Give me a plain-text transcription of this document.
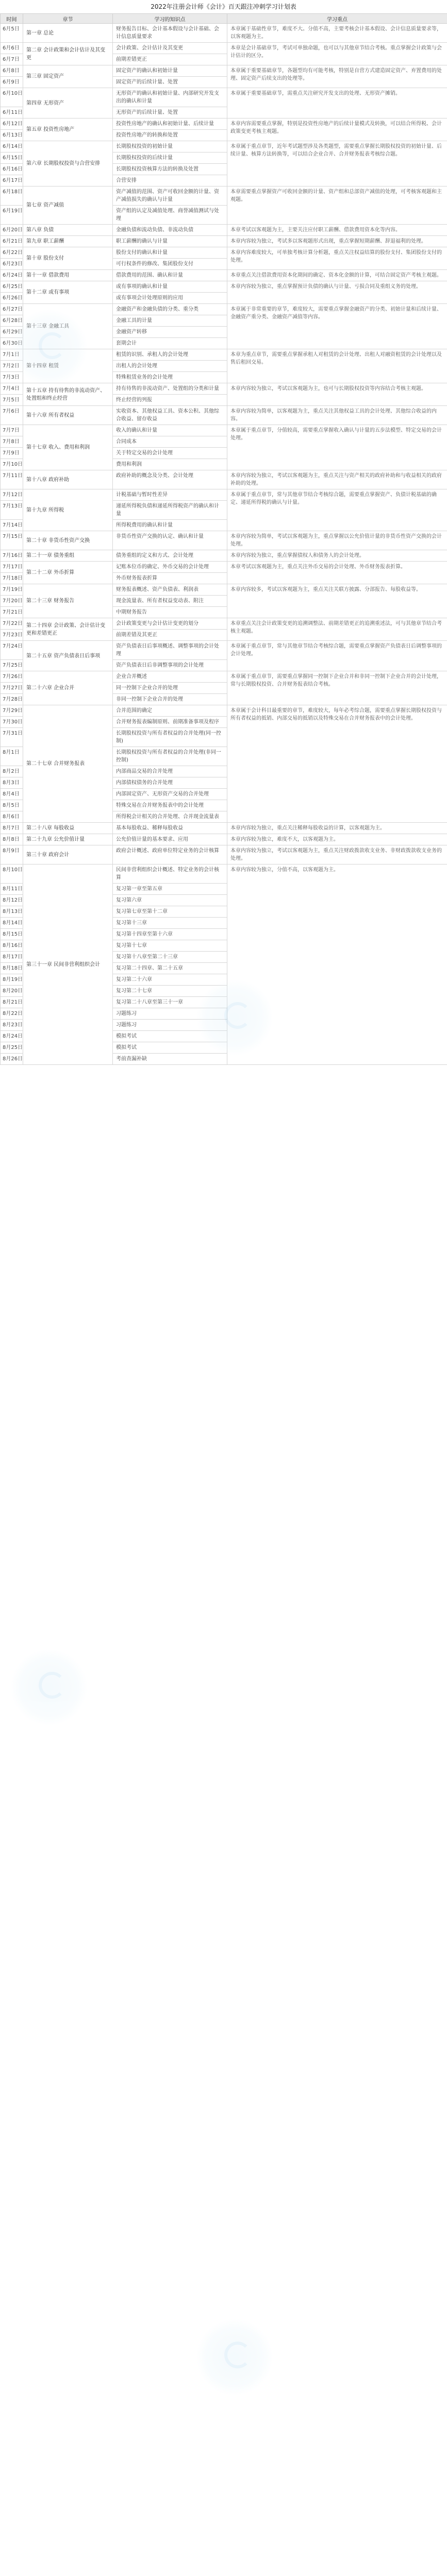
2022年注册会计师《会计》百天跟注冲刺学习计划表
时间	章节	学习的知识点	学习重点
6月5日	第一章 总论	财务报告目标、会计基本假设与会计基础、会计信息质量要求	本章属于基础性章节，难度不大。分值不高，主要考核会计基本假设、会计信息质量要求等，以客观题为主。
6月6日	第二章 会计政策和会计估计及其变更	会计政策、会计估计及其变更	本章是会计基础章节，考试可单独命题，也可以与其他章节结合考核。重点掌握会计政策与会计估计的区分。
6月7日		前期差错更正	
6月8日	第三章 固定资产	固定资产的确认和初始计量	本章属于重要基础章节，各题型均有可能考核，特别是自营方式建造固定资产、弃置费用的处理、固定资产后续支出的处理等。
6月9日		固定资产的后续计量、处置	
6月10日	第四章 无形资产	无形资产的确认和初始计量、内部研究开发支出的确认和计量	本章属于重要基础章节，需重点关注研究开发支出的处理、无形资产摊销。
6月11日		无形资产的后续计量、处置	
6月12日	第五章 投资性房地产	投资性房地产的确认和初始计量、后续计量	本章内容需要重点掌握，特别是投资性房地产的后续计量模式及转换，可以结合所得税、会计政策变更考核主观题。
6月13日		投资性房地产的转换和处置	
6月14日	第六章 长期股权投资与合营安排	长期股权投资的初始计量	本章属于重点章节，近年考试题型涉及各类题型，需要重点掌握长期股权投资的初始计量、后续计量、核算方法转换等，可以结合企业合并、合并财务报表考核综合题。
6月15日		长期股权投资的后续计量	
6月16日		长期股权投资核算方法的转换及处置	
6月17日		合营安排	
6月18日	第七章 资产减值	资产减值的范围、资产可收回金额的计量、资产减值损失的确认与计量	本章需要重点掌握资产可收回金额的计量、资产组和总部资产减值的处理，可考核客观题和主观题。
6月19日		资产组的认定及减值处理、商誉减值测试与处理	
6月20日	第八章 负债	金融负债和流动负债、非流动负债	本章考试以客观题为主，主要关注应付职工薪酬、借款费用资本化等内容。
6月21日	第九章 职工薪酬	职工薪酬的确认与计量	本章内容较为独立，考试多以客观题形式出现，重点掌握短期薪酬、辞退福利的处理。
6月22日	第十章 股份支付	股份支付的确认和计量	本章内容难度较大，可单独考核计算分析题，重点关注权益结算的股份支付、集团股份支付的处理。
6月23日		可行权条件的修改、集团股份支付	
6月24日	第十一章 借款费用	借款费用的范围、确认和计量	本章重点关注借款费用资本化期间的确定、资本化金额的计算，可结合固定资产考核主观题。
6月25日	第十二章 或有事项	或有事项的确认和计量	本章内容较为独立，重点掌握预计负债的确认与计量、亏损合同及重组义务的处理。
6月26日		或有事项会计处理原则的应用	
6月27日	第十三章 金融工具	金融资产和金融负债的分类、重分类	本章属于非常重要的章节，难度较大，需要重点掌握金融资产的分类、初始计量和后续计量、金融资产重分类、金融资产减值等内容。
6月28日		金融工具的计量	
6月29日		金融资产转移	
6月30日		套期会计	
7月1日	第十四章 租赁	租赁的识别、承租人的会计处理	本章为重点章节，需要重点掌握承租人对租赁的会计处理、出租人对融资租赁的会计处理以及售后租回交易。
7月2日		出租人的会计处理	
7月3日		特殊租赁业务的会计处理	
7月4日	第十五章 持有待售的非流动资产、处置组和终止经营	持有待售的非流动资产、处置组的分类和计量	本章内容较为独立，考试以客观题为主，也可与长期股权投资等内容结合考核主观题。
7月5日		终止经营的列报	
7月6日	第十六章 所有者权益	实收资本、其他权益工具、资本公积、其他综合收益、留存收益	本章内容较为简单，以客观题为主，重点关注其他权益工具的会计处理、其他综合收益的内容。
7月7日	第十七章 收入、费用和利润	收入的确认和计量	本章属于重点章节，分值较高，需要重点掌握收入确认与计量的五步法模型、特定交易的会计处理。
7月8日		合同成本	
7月9日		关于特定交易的会计处理	
7月10日		费用和利润	
7月11日	第十八章 政府补助	政府补助的概念及分类、会计处理	本章内容较为独立，考试以客观题为主，重点关注与资产相关的政府补助和与收益相关的政府补助的处理。
7月12日	第十九章 所得税	计税基础与暂时性差异	本章属于重点章节，常与其他章节结合考核综合题，需要重点掌握资产、负债计税基础的确定、递延所得税的确认与计量。
7月13日		递延所得税负债和递延所得税资产的确认和计量	
7月14日		所得税费用的确认和计量	
7月15日	第二十章 非货币性资产交换	非货币性资产交换的认定、确认和计量	本章内容较为简单，考试以客观题为主，重点掌握以公允价值计量的非货币性资产交换的会计处理。
7月16日	第二十一章 债务重组	债务重组的定义和方式、会计处理	本章内容较为独立，重点掌握债权人和债务人的会计处理。
7月17日	第二十二章 外币折算	记账本位币的确定、外币交易的会计处理	本章考试以客观题为主，重点关注外币交易的会计处理、外币财务报表折算。
7月18日		外币财务报表折算	
7月19日	第二十三章 财务报告	财务报表概述、资产负债表、利润表	本章内容较多，考试以客观题为主，重点关注关联方披露、分部报告、每股收益等。
7月20日		现金流量表、所有者权益变动表、附注	
7月21日		中期财务报告	
7月22日	第二十四章 会计政策、会计估计变更和差错更正	会计政策变更与会计估计变更的划分	本章重点关注会计政策变更的追溯调整法、前期差错更正的追溯重述法，可与其他章节结合考核主观题。
7月23日		前期差错及其更正	
7月24日	第二十五章 资产负债表日后事项	资产负债表日后事项概述、调整事项的会计处理	本章属于重点章节，常与其他章节结合考核综合题，需要重点掌握资产负债表日后调整事项的会计处理。
7月25日		资产负债表日后非调整事项的会计处理	
7月26日	第二十六章 企业合并	企业合并概述	本章属于重点章节，需要重点掌握同一控制下企业合并和非同一控制下企业合并的会计处理，常与长期股权投资、合并财务报表结合考核。
7月27日		同一控制下企业合并的处理	
7月28日		非同一控制下企业合并的处理	
7月29日	第二十七章 合并财务报表	合并范围的确定	本章属于会计科目最重要的章节，难度较大，每年必考综合题，需要重点掌握长期股权投资与所有者权益的抵销、内部交易的抵销以及特殊交易在合并财务报表中的会计处理。
7月30日		合并财务报表编制原则、前期准备事项及程序	
7月31日		长期股权投资与所有者权益的合并处理(同一控制)	
8月1日		长期股权投资与所有者权益的合并处理(非同一控制)	
8月2日		内部商品交易的合并处理	
8月3日		内部债权债务的合并处理	
8月4日		内部固定资产、无形资产交易的合并处理	
8月5日		特殊交易在合并财务报表中的会计处理	
8月6日		所得税会计相关的合并处理、合并现金流量表	
8月7日	第二十八章 每股收益	基本每股收益、稀释每股收益	本章内容较为独立，重点关注稀释每股收益的计算，以客观题为主。
8月8日	第二十九章 公允价值计量	公允价值计量的基本要求、应用	本章内容较为独立，难度不大，以客观题为主。
8月9日	第三十章 政府会计	政府会计概述、政府单位特定业务的会计核算	本章内容较为独立，考试以客观题为主，重点关注财政拨款收支业务、非财政拨款收支业务的处理。
8月10日	第三十一章 民间非营利组织会计	民间非营利组织会计概述、特定业务的会计核算	本章内容较为独立，分值不高，以客观题为主。
8月11日		复习第一章至第五章	
8月12日		复习第六章	
8月13日		复习第七章至第十二章	
8月14日		复习第十三章	
8月15日		复习第十四章至第十六章	
8月16日		复习第十七章	
8月17日		复习第十八章至第二十三章	
8月18日		复习第二十四章、第二十五章	
8月19日		复习第二十六章	
8月20日		复习第二十七章	
8月21日		复习第二十八章至第三十一章	
8月22日		习题练习	
8月23日		习题练习	
8月24日		模拟考试	
8月25日		模拟考试	
8月26日		考前查漏补缺	
